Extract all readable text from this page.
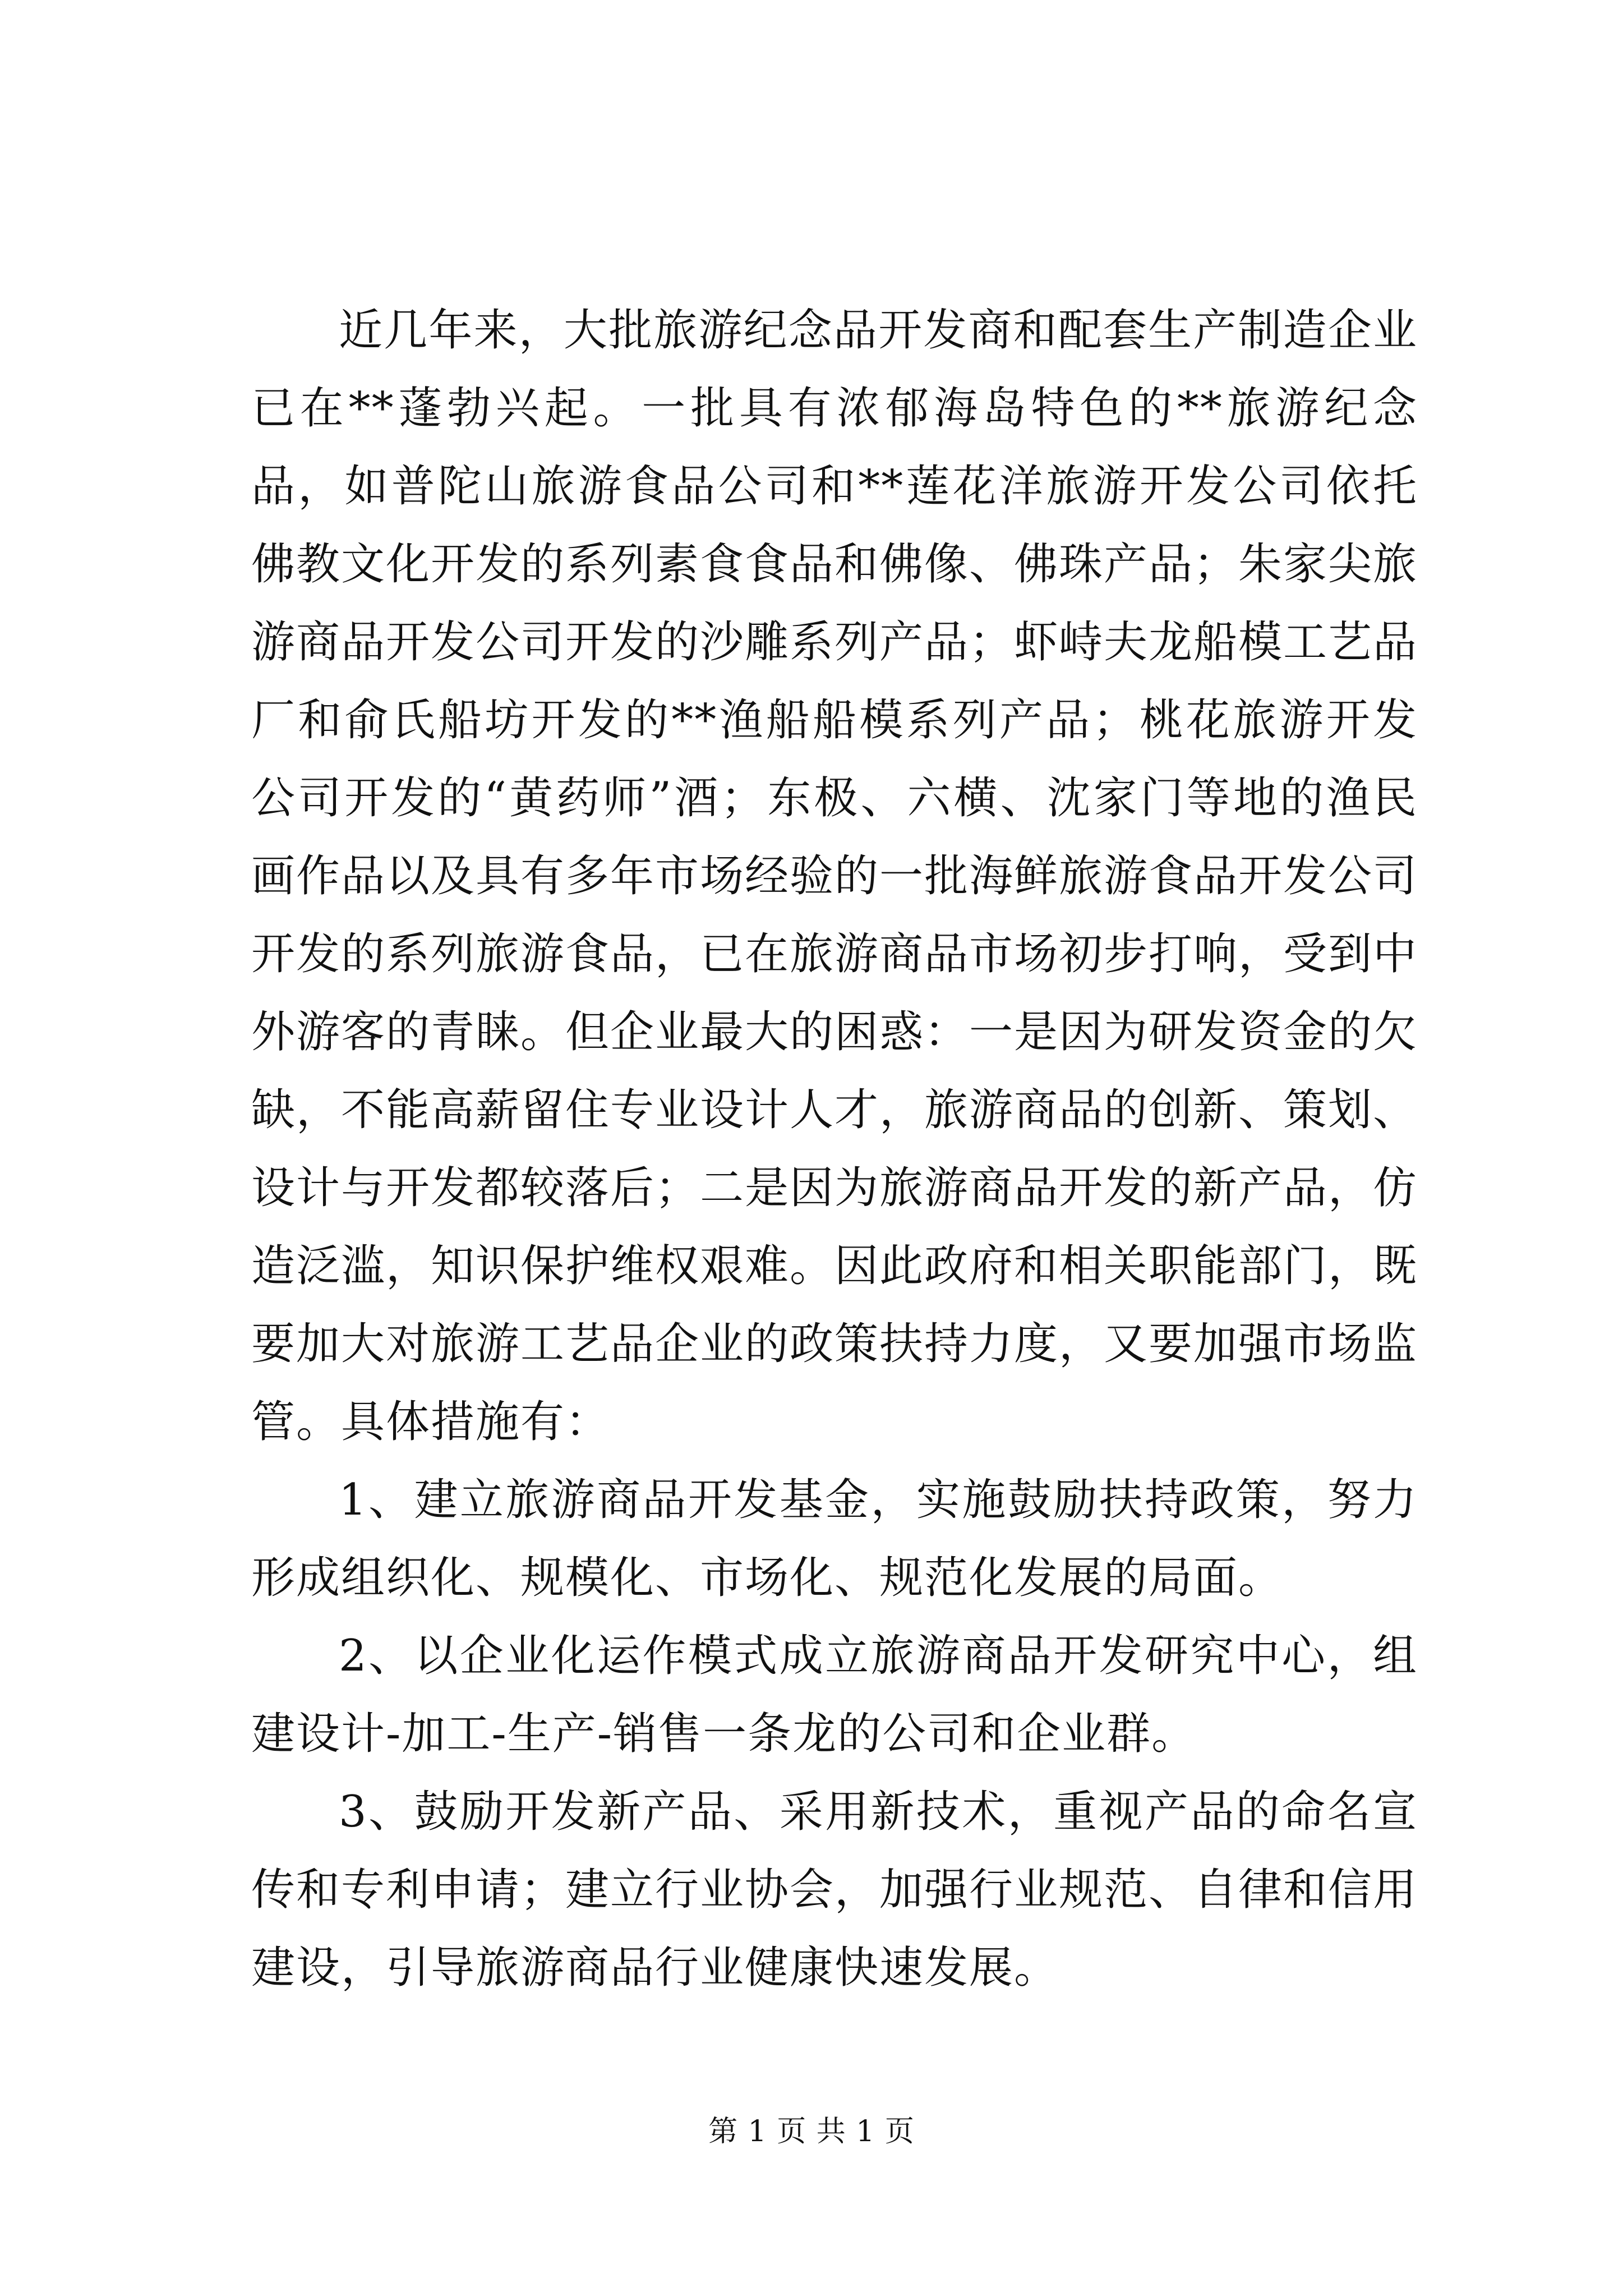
近几年来，大批旅游纪念品开发商和配套生产制造企业已在**蓬勃兴起。一批具有浓郁海岛特色的**旅游纪念品，如普陀山旅游食品公司和**莲花洋旅游开发公司依托佛教文化开发的系列素食食品和佛像、佛珠产品；朱家尖旅游商品开发公司开发的沙雕系列产品；虾峙夫龙船模工艺品厂和俞氏船坊开发的**渔船船模系列产品；桃花旅游开发公司开发的“黄药师”酒；东极、六横、沈家门等地的渔民画作品以及具有多年市场经验的一批海鲜旅游食品开发公司开发的系列旅游食品，已在旅游商品市场初步打响，受到中外游客的青睐。但企业最大的困惑：一是因为研发资金的欠缺，不能高薪留住专业设计人才，旅游商品的创新、策划、设计与开发都较落后；二是因为旅游商品开发的新产品，仿造泛滥，知识保护维权艰难。因此政府和相关职能部门，既要加大对旅游工艺品企业的政策扶持力度，又要加强市场监管。具体措施有：

1、建立旅游商品开发基金，实施鼓励扶持政策，努力形成组织化、规模化、市场化、规范化发展的局面。

2、以企业化运作模式成立旅游商品开发研究中心，组建设计-加工-生产-销售一条龙的公司和企业群。

3、鼓励开发新产品、采用新技术，重视产品的命名宣传和专利申请；建立行业协会，加强行业规范、自律和信用建设，引导旅游商品行业健康快速发展。

第 1 页 共 1 页
